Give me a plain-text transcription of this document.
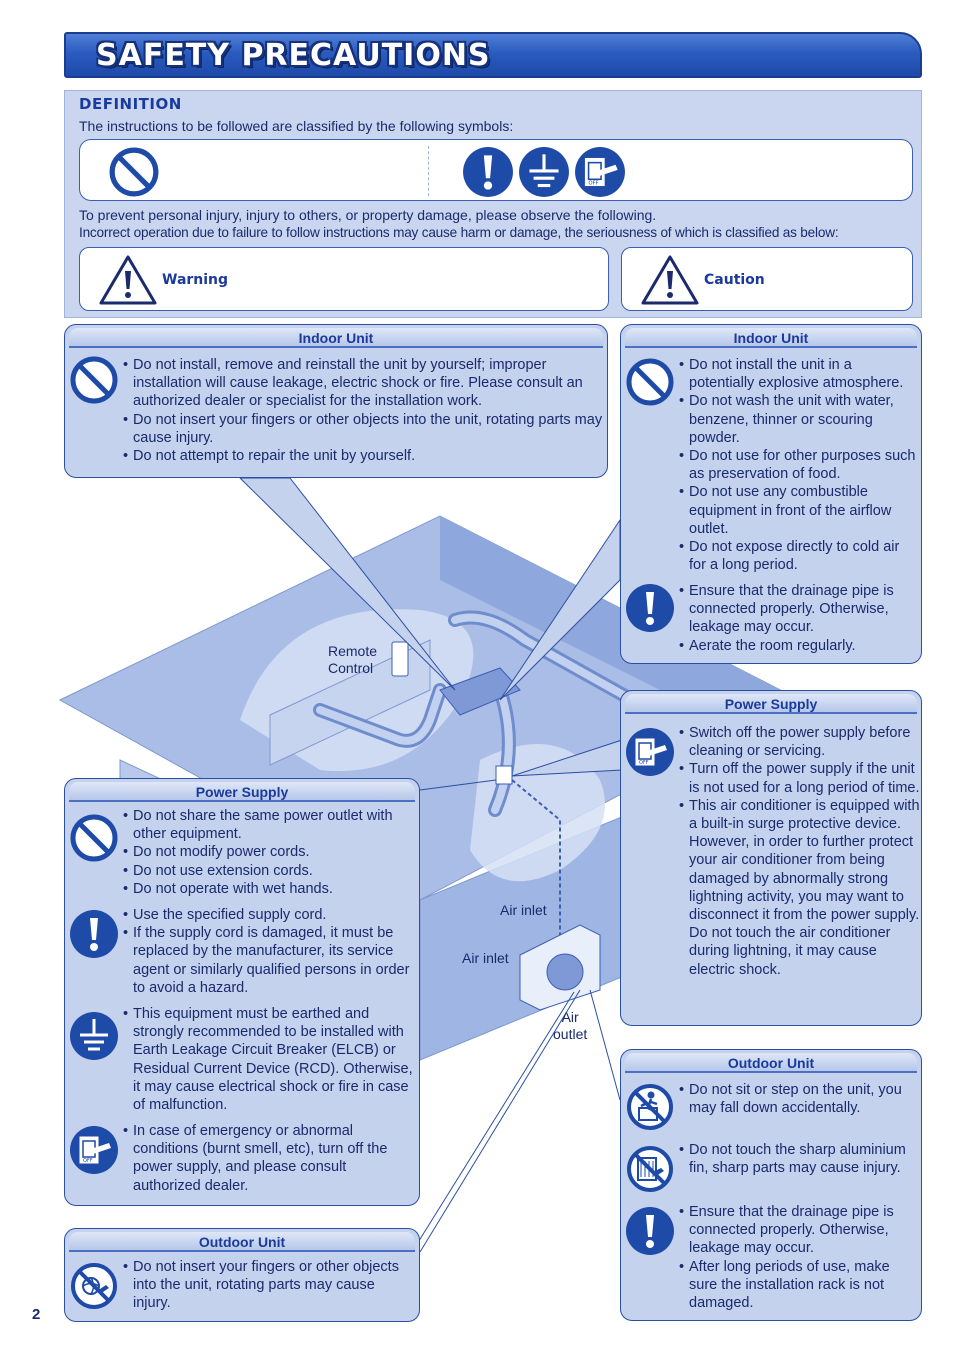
SAFETY PRECAUTIONS
DEFINITION
The instructions to be followed are classified by the following symbols:
To prevent personal injury, injury to others, or property damage, please observe the following.
Incorrect operation due to failure to follow instructions may cause harm or damage, the seriousness of which is classified as below:
Warning	Caution
Indoor Unit
• Do not install, remove and reinstall the unit by yourself; improper installation will cause leakage, electric shock or fire. Please consult an authorized dealer or specialist for the installation work.
• Do not insert your fingers or other objects into the unit, rotating parts may cause injury.
• Do not attempt to repair the unit by yourself.
Indoor Unit
• Do not install the unit in a potentially explosive atmosphere.
• Do not wash the unit with water, benzene, thinner or scouring powder.
• Do not use for other purposes such as preservation of food.
• Do not use any combustible equipment in front of the airflow outlet.
• Do not expose directly to cold air for a long period.
• Ensure that the drainage pipe is connected properly. Otherwise, leakage may occur.
• Aerate the room regularly.
Power Supply
• Switch off the power supply before cleaning or servicing.
• Turn off the power supply if the unit is not used for a long period of time.
• This air conditioner is equipped with a built-in surge protective device. However, in order to further protect your air conditioner from being damaged by abnormally strong lightning activity, you may want to disconnect it from the power supply. Do not touch the air conditioner during lightning, it may cause electric shock.
Power Supply
• Do not share the same power outlet with other equipment.
• Do not modify power cords.
• Do not use extension cords.
• Do not operate with wet hands.
• Use the specified supply cord.
• If the supply cord is damaged, it must be replaced by the manufacturer, its service agent or similarly qualified persons in order to avoid a hazard.
• This equipment must be earthed and strongly recommended to be installed with Earth Leakage Circuit Breaker (ELCB) or Residual Current Device (RCD). Otherwise, it may cause electrical shock or fire in case of malfunction.
• In case of emergency or abnormal conditions (burnt smell, etc), turn off the power supply, and please consult authorized dealer.
Outdoor Unit
• Do not sit or step on the unit, you may fall down accidentally.
• Do not touch the sharp aluminium fin, sharp parts may cause injury.
• Ensure that the drainage pipe is connected properly. Otherwise, leakage may occur.
• After long periods of use, make sure the installation rack is not damaged.
Outdoor Unit
• Do not insert your fingers or other objects into the unit, rotating parts may cause injury.
Remote
Control
Air inlet
Air inlet
Air
outlet
2
